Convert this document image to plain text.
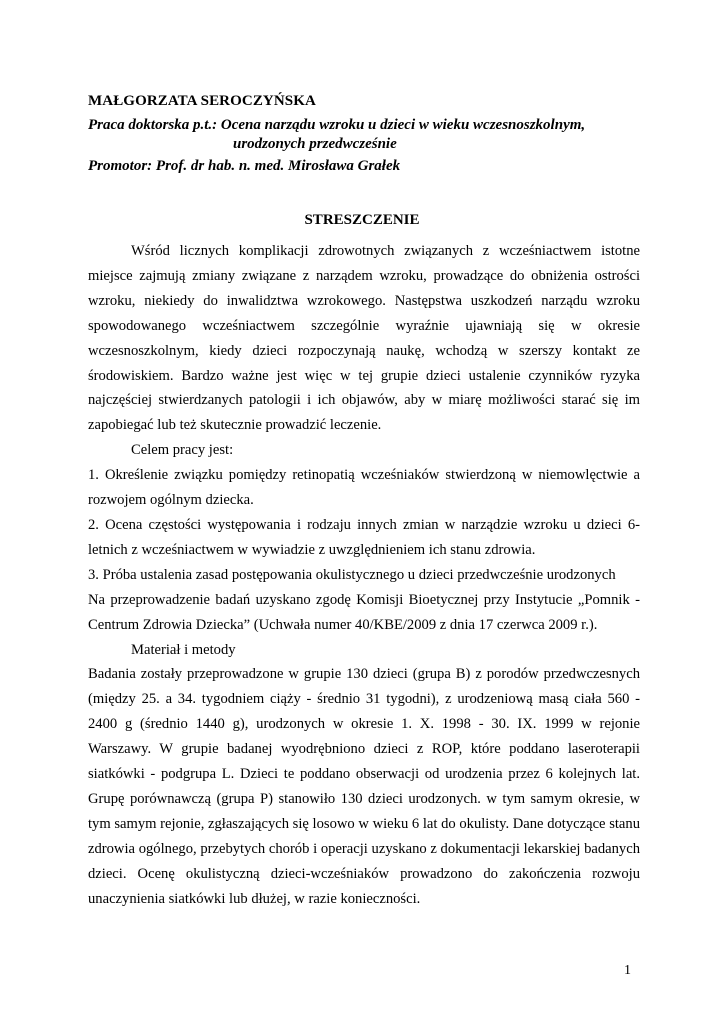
MAŁGORZATA SEROCZYŃSKA

Praca doktorska p.t.: Ocena narządu wzroku u dzieci w wieku wczesnoszkolnym,

urodzonych przedwcześnie

Promotor: Prof. dr hab. n. med. Mirosława Grałek

STRESZCZENIE

Wśród licznych komplikacji zdrowotnych związanych z wcześniactwem istotne miejsce zajmują zmiany związane z narządem wzroku, prowadzące do obniżenia ostrości wzroku, niekiedy do inwalidztwa wzrokowego. Następstwa uszkodzeń narządu wzroku spowodowanego wcześniactwem szczególnie wyraźnie ujawniają się w okresie wczesnoszkolnym, kiedy dzieci rozpoczynają naukę, wchodzą w szerszy kontakt ze środowiskiem. Bardzo ważne jest więc w tej grupie dzieci ustalenie czynników ryzyka najczęściej stwierdzanych patologii i ich objawów, aby w miarę możliwości starać się im zapobiegać lub też skutecznie prowadzić leczenie.

Celem pracy jest:

1. Określenie związku pomiędzy retinopatią wcześniaków stwierdzoną w niemowlęctwie a rozwojem ogólnym dziecka.

2. Ocena częstości występowania i rodzaju innych zmian w narządzie wzroku u dzieci 6-letnich z wcześniactwem w wywiadzie z uwzględnieniem ich stanu zdrowia.

3. Próba ustalenia zasad postępowania okulistycznego u dzieci przedwcześnie urodzonych

Na przeprowadzenie badań uzyskano zgodę Komisji Bioetycznej przy Instytucie „Pomnik - Centrum Zdrowia Dziecka” (Uchwała numer 40/KBE/2009 z dnia 17 czerwca 2009 r.).

Materiał i metody

Badania zostały przeprowadzone w grupie 130 dzieci (grupa B) z porodów przedwczesnych (między 25. a 34. tygodniem ciąży - średnio 31 tygodni), z urodzeniową masą ciała 560 - 2400 g (średnio 1440 g), urodzonych w okresie 1. X. 1998 - 30. IX. 1999 w rejonie Warszawy. W grupie badanej wyodrębniono dzieci z ROP, które poddano laseroterapii siatkówki - podgrupa L. Dzieci te poddano obserwacji od urodzenia przez 6 kolejnych lat. Grupę porównawczą (grupa P) stanowiło 130 dzieci urodzonych. w tym samym okresie, w tym samym rejonie, zgłaszających się losowo w wieku 6 lat do okulisty. Dane dotyczące stanu zdrowia ogólnego, przebytych chorób i operacji uzyskano z dokumentacji lekarskiej badanych dzieci. Ocenę okulistyczną dzieci-wcześniaków prowadzono do zakończenia rozwoju unaczynienia siatkówki lub dłużej, w razie konieczności.

1
